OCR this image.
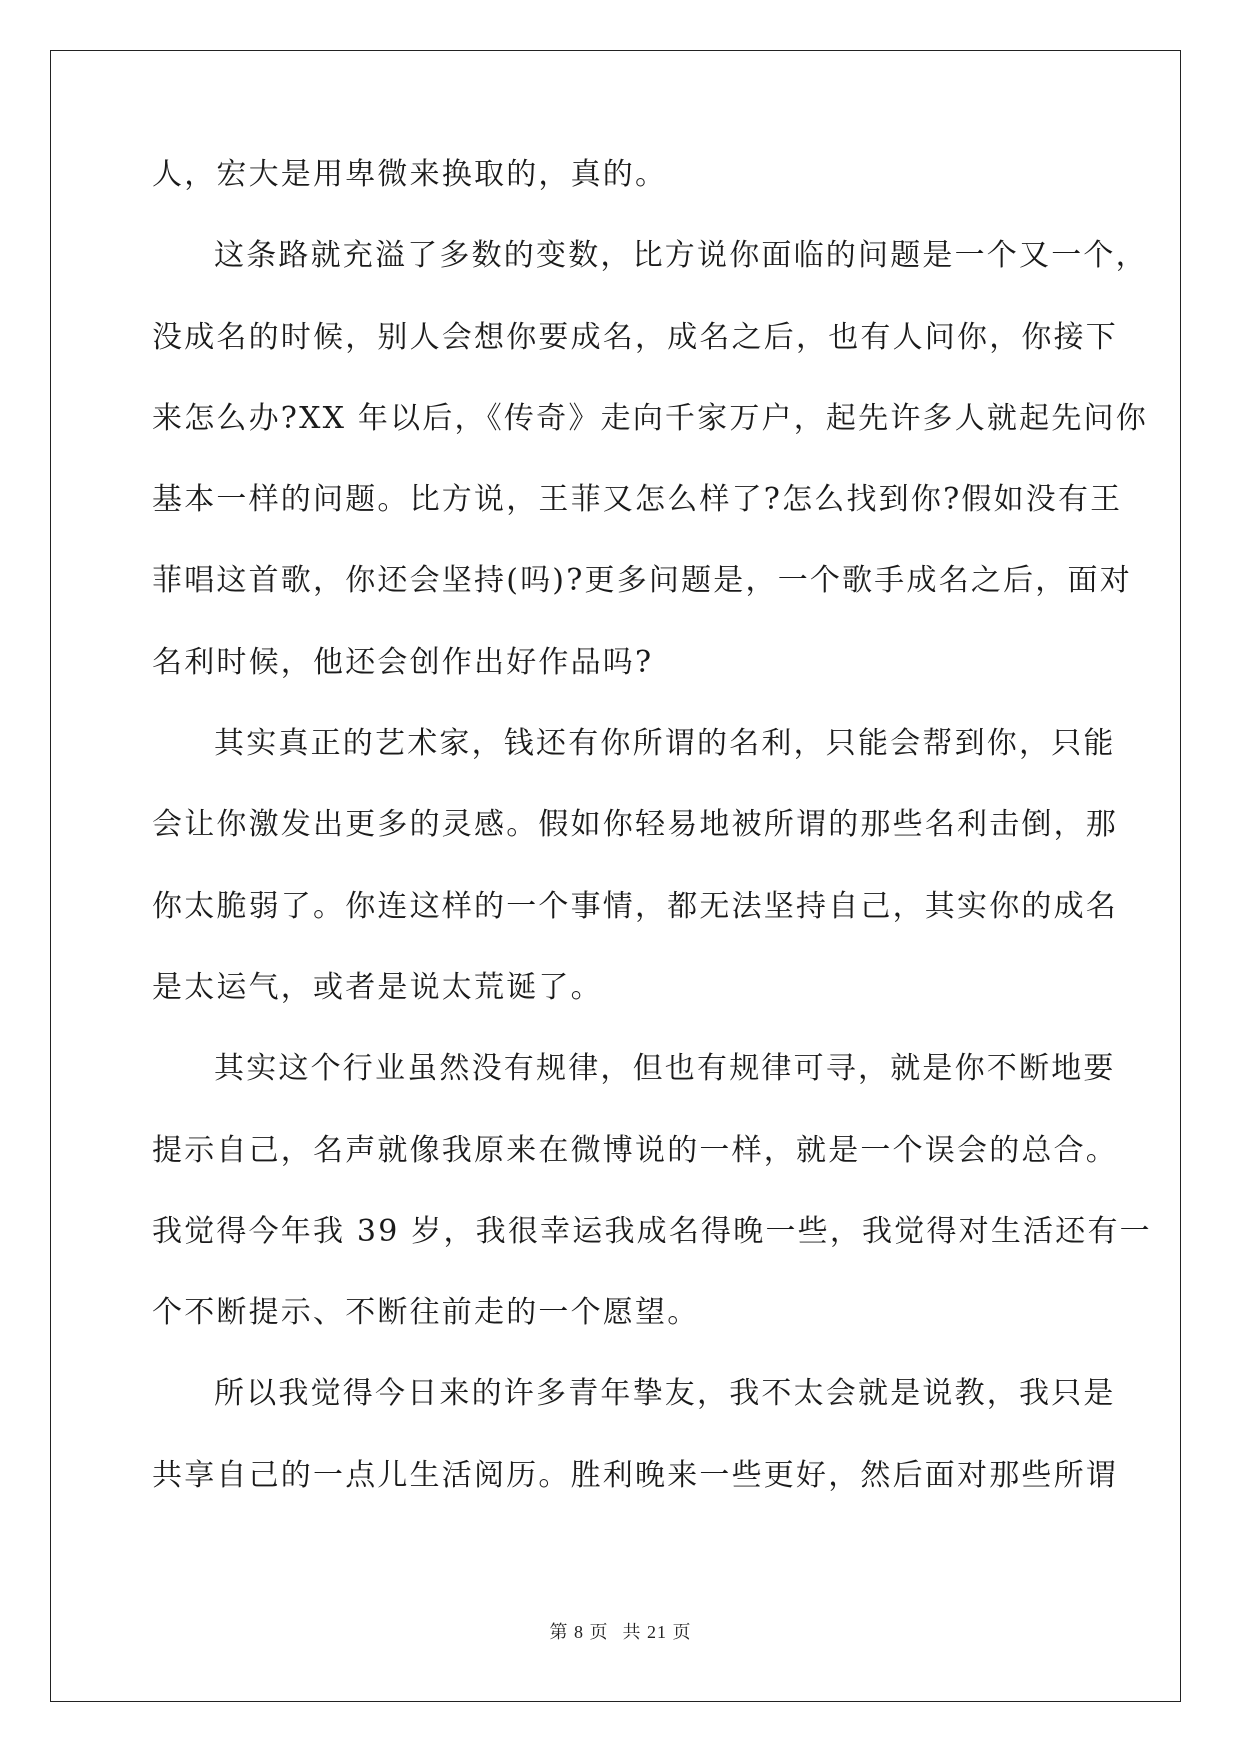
人，宏大是用卑微来换取的，真的。
这条路就充溢了多数的变数，比方说你面临的问题是一个又一个，
没成名的时候，别人会想你要成名，成名之后，也有人问你，你接下
来怎么办?XX 年以后，《传奇》走向千家万户，起先许多人就起先问你
基本一样的问题。比方说，王菲又怎么样了?怎么找到你?假如没有王
菲唱这首歌，你还会坚持(吗)?更多问题是，一个歌手成名之后，面对
名利时候，他还会创作出好作品吗?
其实真正的艺术家，钱还有你所谓的名利，只能会帮到你，只能
会让你激发出更多的灵感。假如你轻易地被所谓的那些名利击倒，那
你太脆弱了。你连这样的一个事情，都无法坚持自己，其实你的成名
是太运气，或者是说太荒诞了。
其实这个行业虽然没有规律，但也有规律可寻，就是你不断地要
提示自己，名声就像我原来在微博说的一样，就是一个误会的总合。
我觉得今年我 39 岁，我很幸运我成名得晚一些，我觉得对生活还有一
个不断提示、不断往前走的一个愿望。
所以我觉得今日来的许多青年挚友，我不太会就是说教，我只是
共享自己的一点儿生活阅历。胜利晚来一些更好，然后面对那些所谓
第 8 页 共 21 页
